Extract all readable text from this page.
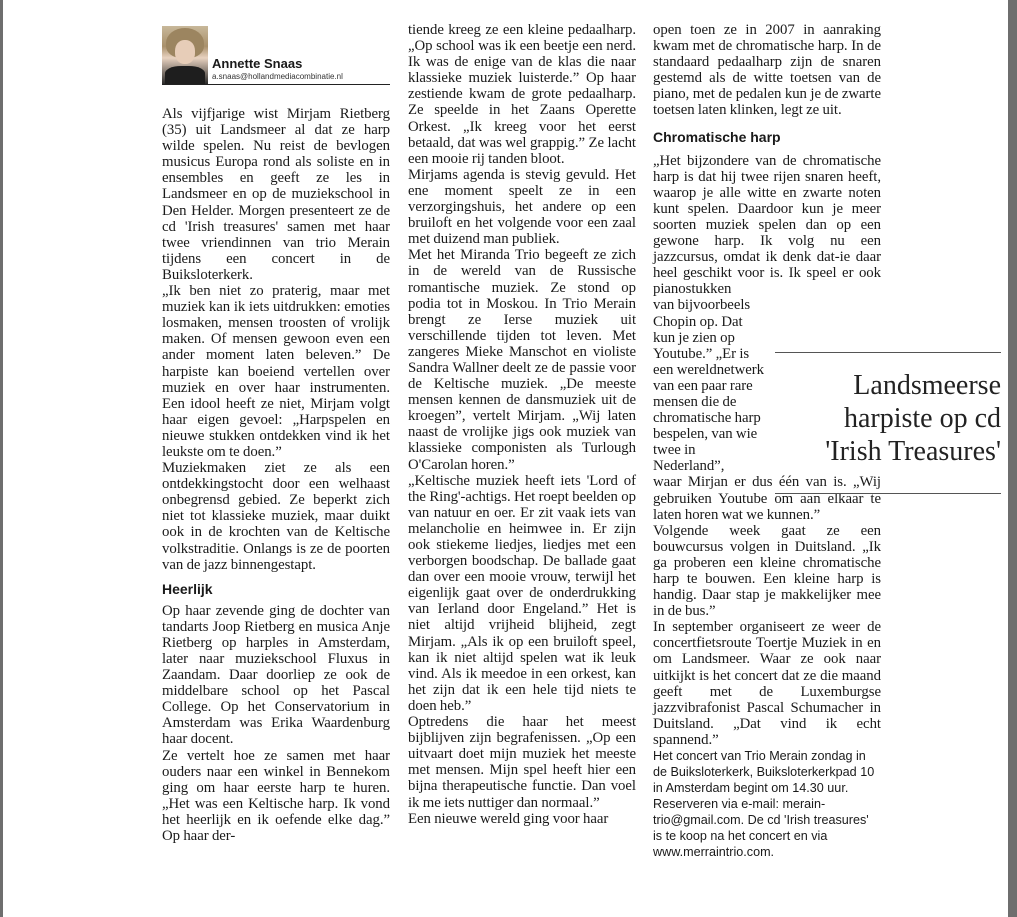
Annette Snaas
a.snaas@hollandmediacombinatie.nl

Als vijfjarige wist Mirjam Rietberg (35) uit Landsmeer al dat ze harp wilde spelen. Nu reist de bevlogen musicus Europa rond als soliste en in ensembles en geeft ze les in Landsmeer en op de muziekschool in Den Helder. Morgen presenteert ze de cd 'Irish treasures' samen met haar twee vriendinnen van trio Merain tijdens een concert in de Buiksloterkerk.

„Ik ben niet zo praterig, maar met muziek kan ik iets uitdrukken: emoties losmaken, mensen troosten of vrolijk maken. Of mensen gewoon even een ander moment laten beleven.” De harpiste kan boeiend vertellen over muziek en over haar instrumenten. Een idool heeft ze niet, Mirjam volgt haar eigen gevoel: „Harpspelen en nieuwe stukken ontdekken vind ik het leukste om te doen.”

Muziekmaken ziet ze als een ontdekkingstocht door een welhaast onbegrensd gebied. Ze beperkt zich niet tot klassieke muziek, maar duikt ook in de krochten van de Keltische volkstraditie. Onlangs is ze de poorten van de jazz binnengestapt.

Heerlijk

Op haar zevende ging de dochter van tandarts Joop Rietberg en musica Anje Rietberg op harples in Amsterdam, later naar muziekschool Fluxus in Zaandam. Daar doorliep ze ook de middelbare school op het Pascal College. Op het Conservatorium in Amsterdam was Erika Waardenburg haar docent.

Ze vertelt hoe ze samen met haar ouders naar een winkel in Bennekom ging om haar eerste harp te huren. „Het was een Keltische harp. Ik vond het heerlijk en ik oefende elke dag.” Op haar der-

tiende kreeg ze een kleine pedaalharp. „Op school was ik een beetje een nerd. Ik was de enige van de klas die naar klassieke muziek luisterde.” Op haar zestiende kwam de grote pedaalharp. Ze speelde in het Zaans Operette Orkest. „Ik kreeg voor het eerst betaald, dat was wel grappig.” Ze lacht een mooie rij tanden bloot.

Mirjams agenda is stevig gevuld. Het ene moment speelt ze in een verzorgingshuis, het andere op een bruiloft en het volgende voor een zaal met duizend man publiek.

Met het Miranda Trio begeeft ze zich in de wereld van de Russische romantische muziek. Ze stond op podia tot in Moskou. In Trio Merain brengt ze Ierse muziek uit verschillende tijden tot leven. Met zangeres Mieke Manschot en violiste Sandra Wallner deelt ze de passie voor de Keltische muziek. „De meeste mensen kennen de dansmuziek uit de kroegen”, vertelt Mirjam. „Wij laten naast de vrolijke jigs ook muziek van klassieke componisten als Turlough O'Carolan horen.”

„Keltische muziek heeft iets 'Lord of the Ring'-achtigs. Het roept beelden op van natuur en oer. Er zit vaak iets van melancholie en heimwee in. Er zijn ook stiekeme liedjes, liedjes met een verborgen boodschap. De ballade gaat dan over een mooie vrouw, terwijl het eigenlijk gaat over de onderdrukking van Ierland door Engeland.” Het is niet altijd vrijheid blijheid, zegt Mirjam. „Als ik op een bruiloft speel, kan ik niet altijd spelen wat ik leuk vind. Als ik meedoe in een orkest, kan het zijn dat ik een hele tijd niets te doen heb.”

Optredens die haar het meest bijblijven zijn begrafenissen. „Op een uitvaart doet mijn muziek het meeste met mensen. Mijn spel heeft hier een bijna therapeutische functie. Dan voel ik me iets nuttiger dan normaal.”

Een nieuwe wereld ging voor haar

open toen ze in 2007 in aanraking kwam met de chromatische harp. In de standaard pedaalharp zijn de snaren gestemd als de witte toetsen van de piano, met de pedalen kun je de zwarte toetsen laten klinken, legt ze uit.

Chromatische harp

„Het bijzondere van de chromatische harp is dat hij twee rijen snaren heeft, waarop je alle witte en zwarte noten kunt spelen. Daardoor kun je meer soorten muziek spelen dan op een gewone harp. Ik volg nu een jazzcursus, omdat ik denk dat-ie daar heel geschikt voor is. Ik speel er ook pianostukken

van bijvoorbeels Chopin op. Dat kun je zien op Youtube.” „Er is een wereldnetwerk van een paar rare mensen die de chromatische harp bespelen, van wie twee in Nederland”,

waar Mirjan er dus één van is. „Wij gebruiken Youtube om aan elkaar te laten horen wat we kunnen.”

Volgende week gaat ze een bouwcursus volgen in Duitsland. „Ik ga proberen een kleine chromatische harp te bouwen. Een kleine harp is handig. Daar stap je makkelijker mee in de bus.”

In september organiseert ze weer de concertfietsroute Toertje Muziek in en om Landsmeer. Waar ze ook naar uitkijkt is het concert dat ze die maand geeft met de Luxemburgse jazzvibrafonist Pascal Schumacher in Duitsland. „Dat vind ik echt spannend.”

Het concert van Trio Merain zondag in de Buiksloterkerk, Buiksloterkerkpad 10 in Amsterdam begint om 14.30 uur. Reserveren via e-mail: merain-trio@gmail.com. De cd 'Irish treasures' is te koop na het concert en via www.merraintrio.com.

Landsmeerse
harpiste op cd
'Irish Treasures'
